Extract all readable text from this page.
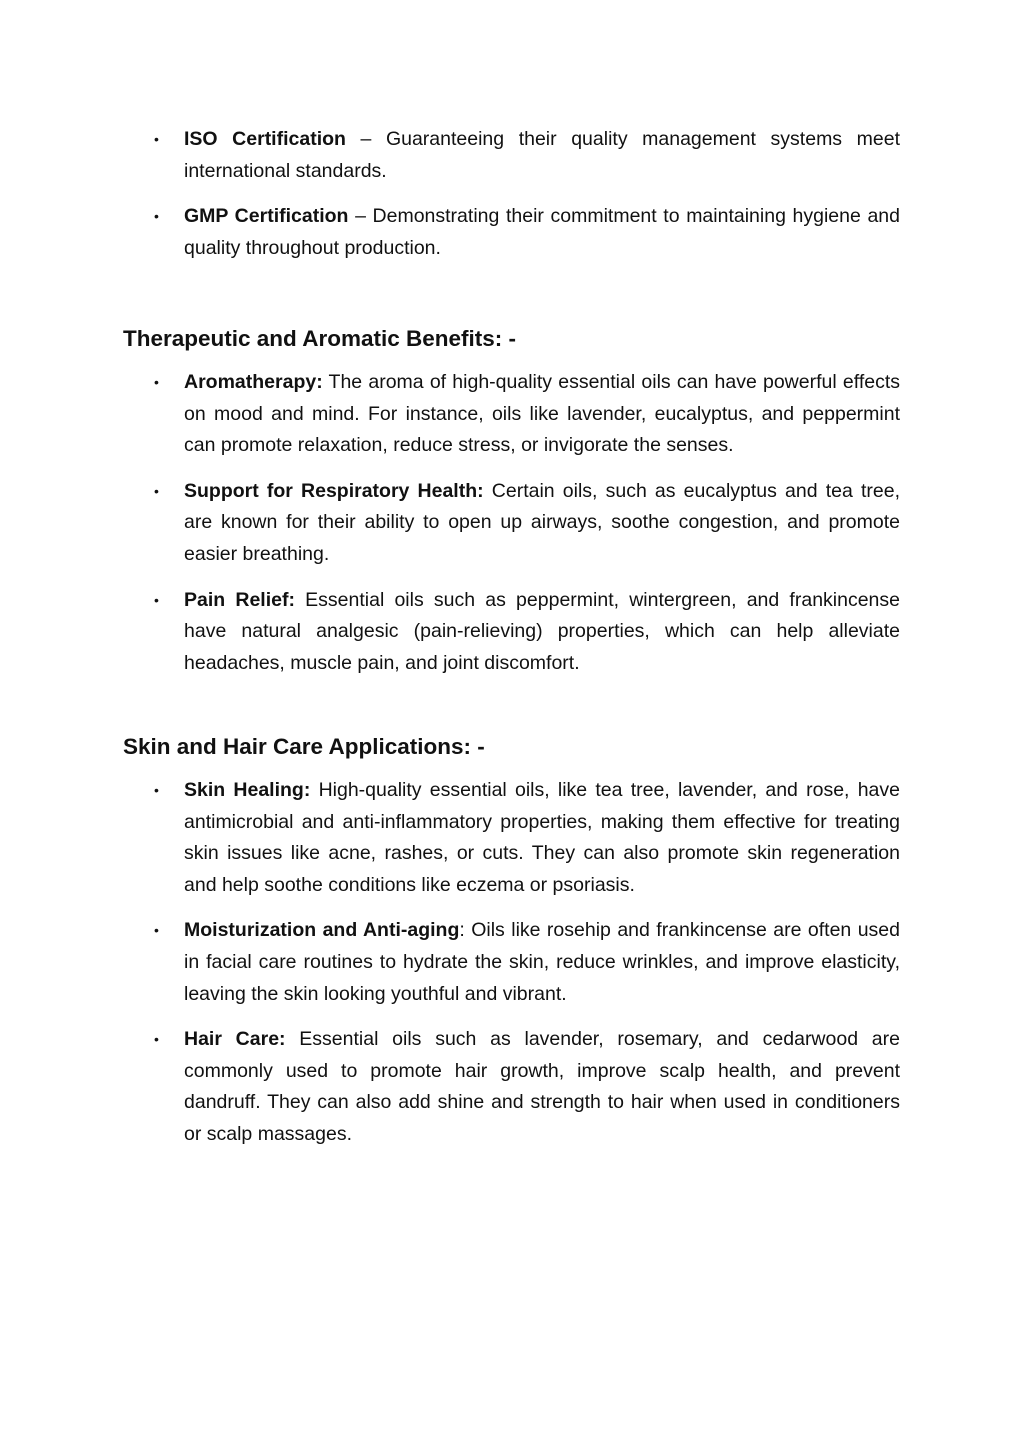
• ISO Certification – Guaranteeing their quality management systems meet international standards.
• GMP Certification – Demonstrating their commitment to maintaining hygiene and quality throughout production.
Therapeutic and Aromatic Benefits: -
• Aromatherapy: The aroma of high-quality essential oils can have powerful effects on mood and mind. For instance, oils like lavender, eucalyptus, and peppermint can promote relaxation, reduce stress, or invigorate the senses.
• Support for Respiratory Health: Certain oils, such as eucalyptus and tea tree, are known for their ability to open up airways, soothe congestion, and promote easier breathing.
• Pain Relief: Essential oils such as peppermint, wintergreen, and frankincense have natural analgesic (pain-relieving) properties, which can help alleviate headaches, muscle pain, and joint discomfort.
Skin and Hair Care Applications: -
• Skin Healing: High-quality essential oils, like tea tree, lavender, and rose, have antimicrobial and anti-inflammatory properties, making them effective for treating skin issues like acne, rashes, or cuts. They can also promote skin regeneration and help soothe conditions like eczema or psoriasis.
• Moisturization and Anti-aging: Oils like rosehip and frankincense are often used in facial care routines to hydrate the skin, reduce wrinkles, and improve elasticity, leaving the skin looking youthful and vibrant.
• Hair Care: Essential oils such as lavender, rosemary, and cedarwood are commonly used to promote hair growth, improve scalp health, and prevent dandruff. They can also add shine and strength to hair when used in conditioners or scalp massages.
